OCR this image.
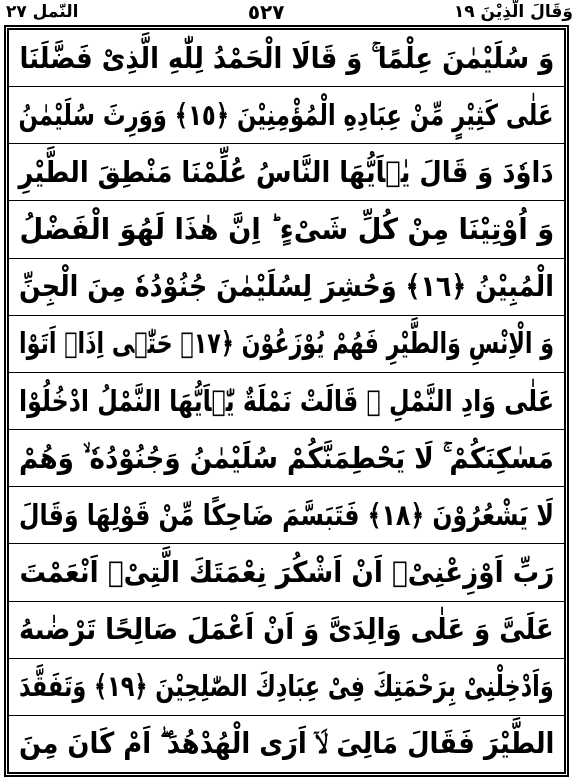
وَقَالَ الَّذِيْنَ ١٩
٥٢٧
النّمل ٢٧
وَ سُلَيْمٰنَ عِلْمًا ۚ وَ قَالَا الْحَمْدُ لِلّٰهِ الَّذِیْ فَضَّلَنَا
عَلٰى كَثِیْرٍ مِّنْ عِبَادِهِ الْمُؤْمِنِیْنَ ﴿١٥﴾ وَوَرِثَ سُلَیْمٰنُ
دَاوٗدَ وَ قَالَ یٰۤاَیُّهَا النَّاسُ عُلِّمْنَا مَنْطِقَ الطَّیْرِ
وَ اُوْتِیْنَا مِنْ كُلِّ شَیْءٍ ؕ اِنَّ هٰذَا لَهُوَ الْفَضْلُ
الْمُبِیْنُ ﴿١٦﴾ وَحُشِرَ لِسُلَیْمٰنَ جُنُوْدُهٗ مِنَ الْجِنِّ
وَ الْاِنْسِ وَالطَّیْرِ فَهُمْ یُوْزَعُوْنَ ﴿١٧﴾ حَتّٰۤى اِذَاۤ اَتَوْا
عَلٰى وَادِ النَّمْلِ ۙ قَالَتْ نَمْلَةٌ یّٰۤاَیُّهَا النَّمْلُ ادْخُلُوْا
مَسٰكِنَكُمْ ۚ لَا یَحْطِمَنَّكُمْ سُلَیْمٰنُ وَجُنُوْدُهٗ ۙ وَهُمْ
لَا یَشْعُرُوْنَ ﴿١٨﴾ فَتَبَسَّمَ ضَاحِكًا مِّنْ قَوْلِهَا وَقَالَ
رَبِّ اَوْزِعْنِیْۤ اَنْ اَشْكُرَ نِعْمَتَكَ الَّتِیْۤ اَنْعَمْتَ
عَلَیَّ وَ عَلٰى وَالِدَیَّ وَ اَنْ اَعْمَلَ صَالِحًا تَرْضٰىهُ
وَاَدْخِلْنِیْ بِرَحْمَتِكَ فِیْ عِبَادِكَ الصّٰلِحِیْنَ ﴿١٩﴾ وَتَفَقَّدَ
الطَّیْرَ فَقَالَ مَالِیَ لَاۤ اَرَى الْهُدْهُدَ ۖ اَمْ كَانَ مِنَ
